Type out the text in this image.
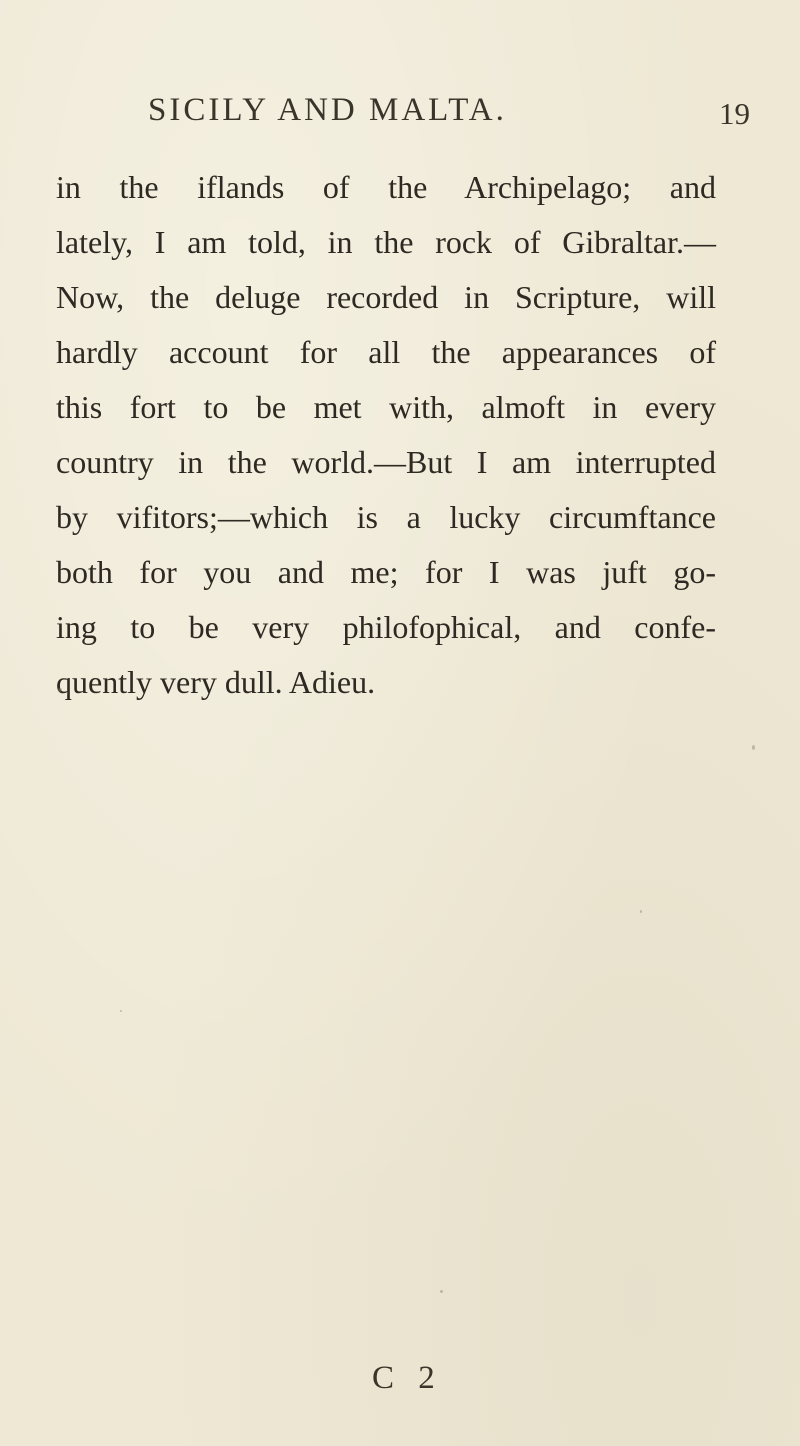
SICILY AND MALTA.	19
in the iflands of the Archipelago; and
lately, I am told, in the rock of Gibraltar.—
Now, the deluge recorded in Scripture, will
hardly account for all the appearances of
this fort to be met with, almoft in every
country in the world.—But I am interrupted
by vifitors;—which is a lucky circumftance
both for you and me; for I was juft go-
ing to be very philofophical, and confe-
quently very dull. Adieu.
C 2
